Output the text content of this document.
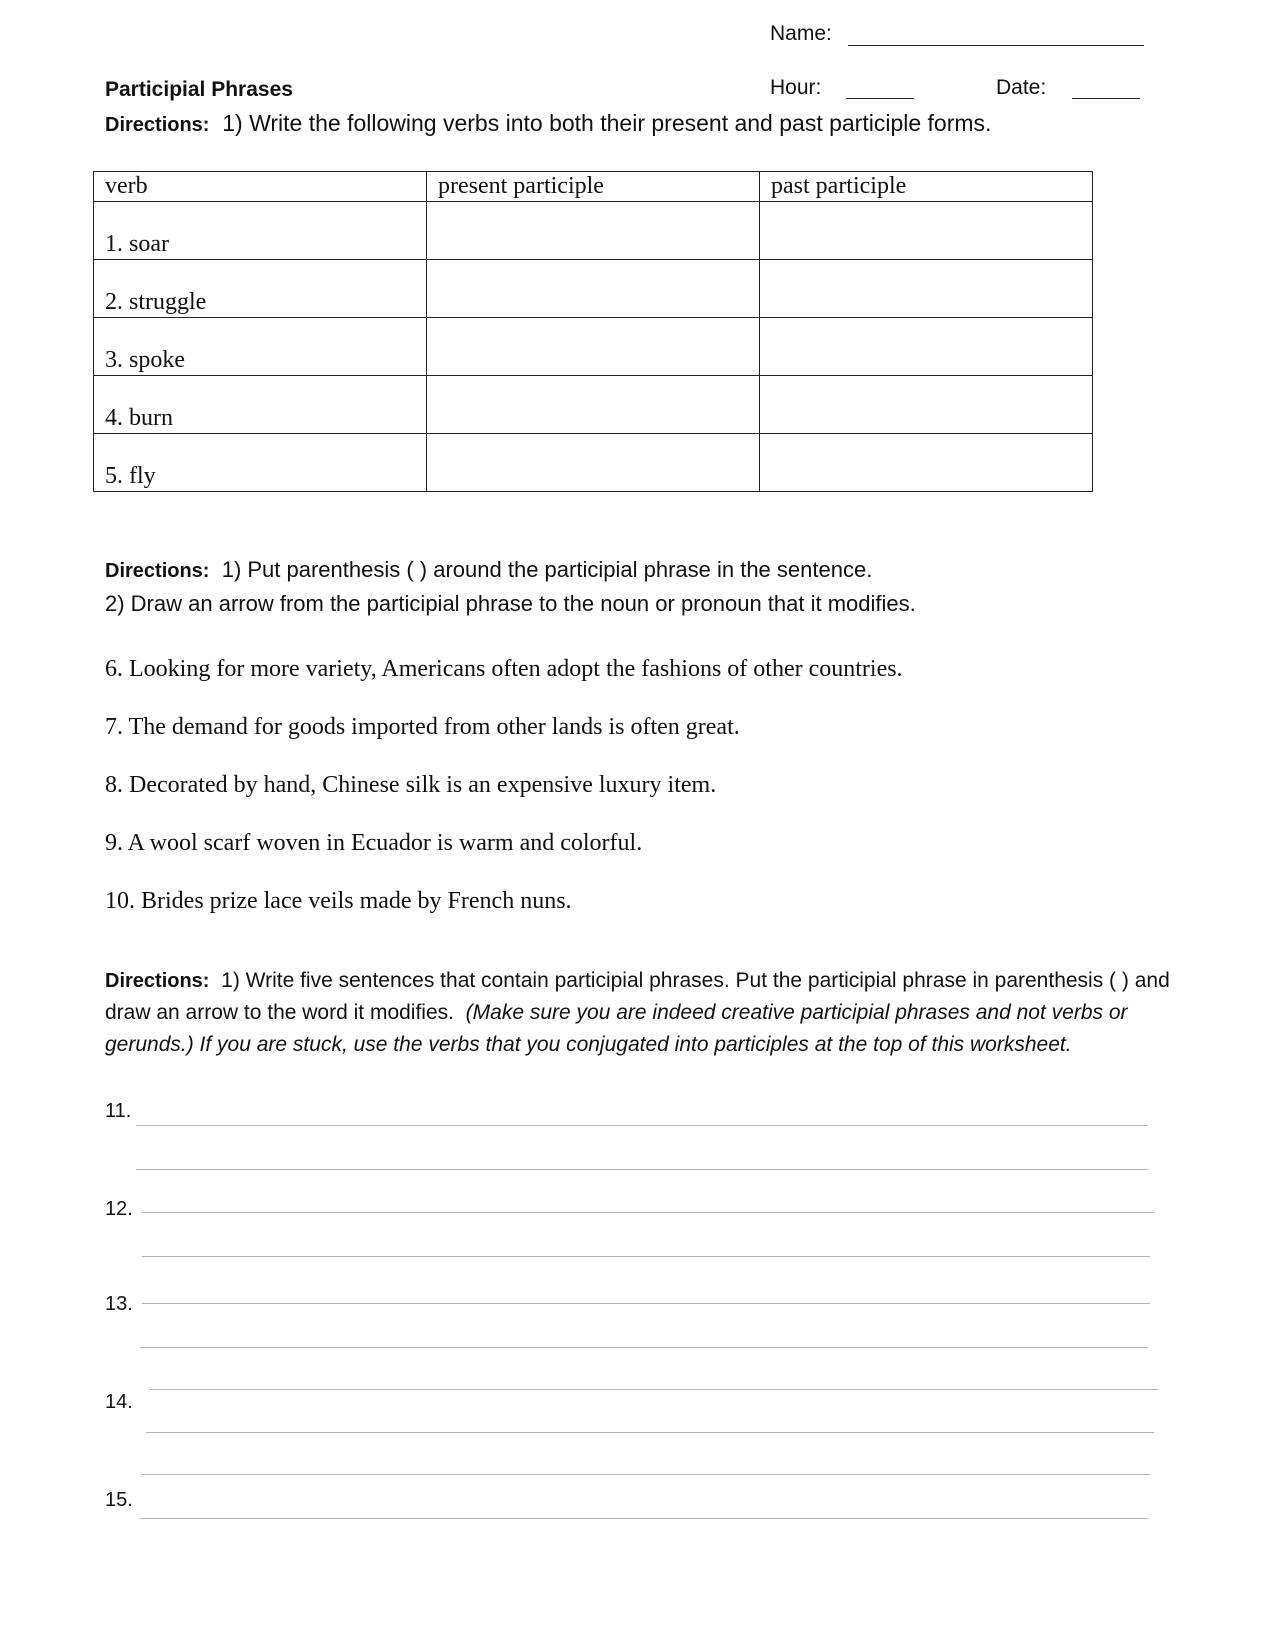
Name:
Participial Phrases	Hour:	Date:
Directions: 1) Write the following verbs into both their present and past participle forms.
verb	present participle	past participle
1. soar		
2. struggle		
3. spoke		
4. burn		
5. fly		
Directions: 1) Put parenthesis ( ) around the participial phrase in the sentence.
2) Draw an arrow from the participial phrase to the noun or pronoun that it modifies.
6. Looking for more variety, Americans often adopt the fashions of other countries.
7. The demand for goods imported from other lands is often great.
8. Decorated by hand, Chinese silk is an expensive luxury item.
9. A wool scarf woven in Ecuador is warm and colorful.
10. Brides prize lace veils made by French nuns.
Directions: 1) Write five sentences that contain participial phrases. Put the participial phrase in parenthesis ( ) and draw an arrow to the word it modifies. (Make sure you are indeed creative participial phrases and not verbs or gerunds.) If you are stuck, use the verbs that you conjugated into participles at the top of this worksheet.
11.
12.
13.
14.
15.
